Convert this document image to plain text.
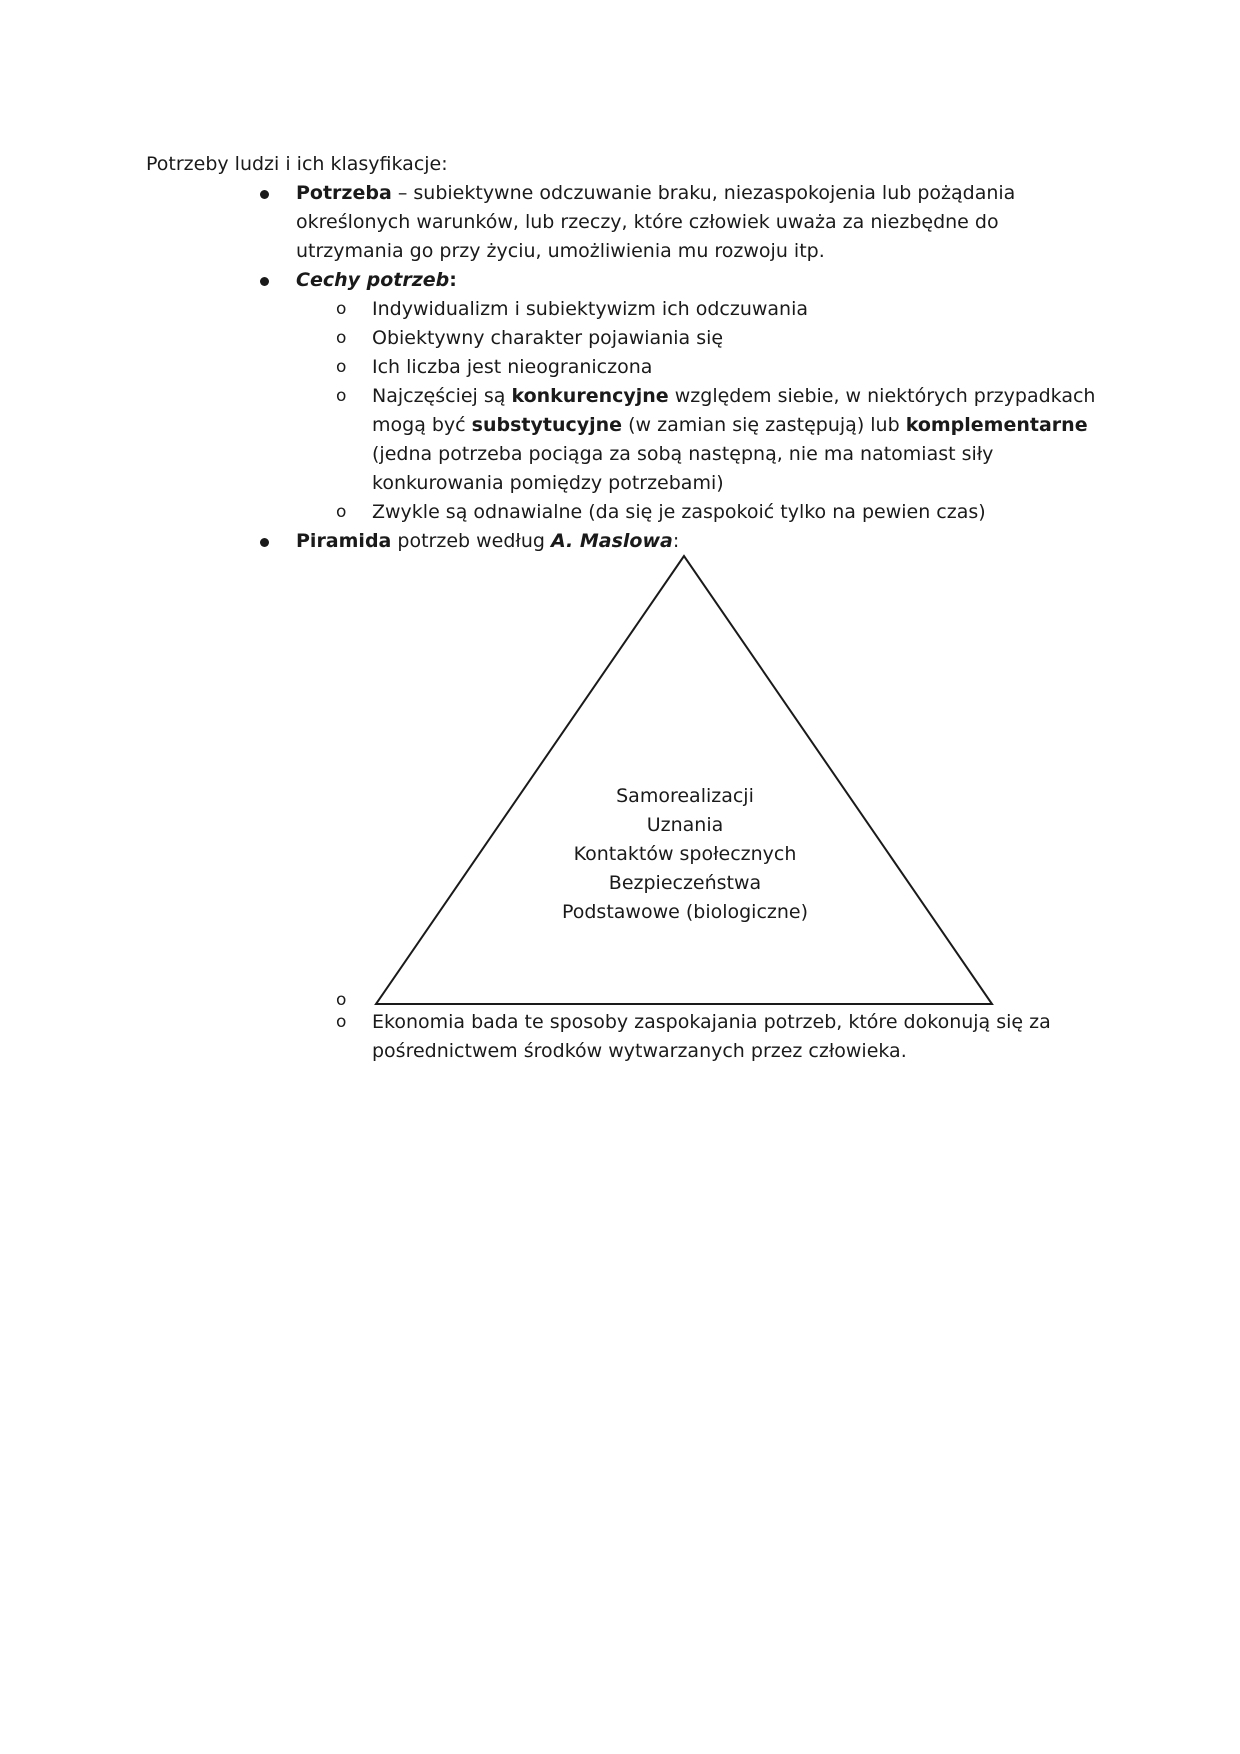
Potrzeby ludzi i ich klasyfikacje:
Potrzeba – subiektywne odczuwanie braku, niezaspokojenia lub pożądania
określonych warunków, lub rzeczy, które człowiek uważa za niezbędne do
utrzymania go przy życiu, umożliwienia mu rozwoju itp.
Cechy potrzeb:
o Indywidualizm i subiektywizm ich odczuwania
o Obiektywny charakter pojawiania się
o Ich liczba jest nieograniczona
o Najczęściej są konkurencyjne względem siebie, w niektórych przypadkach
mogą być substytucyjne (w zamian się zastępują) lub komplementarne
(jedna potrzeba pociąga za sobą następną, nie ma natomiast siły
konkurowania pomiędzy potrzebami)
o Zwykle są odnawialne (da się je zaspokoić tylko na pewien czas)
Piramida potrzeb według A. Maslowa:
Samorealizacji
Uznania
Kontaktów społecznych
Bezpieczeństwa
Podstawowe (biologiczne)
o
o Ekonomia bada te sposoby zaspokajania potrzeb, które dokonują się za
pośrednictwem środków wytwarzanych przez człowieka.
